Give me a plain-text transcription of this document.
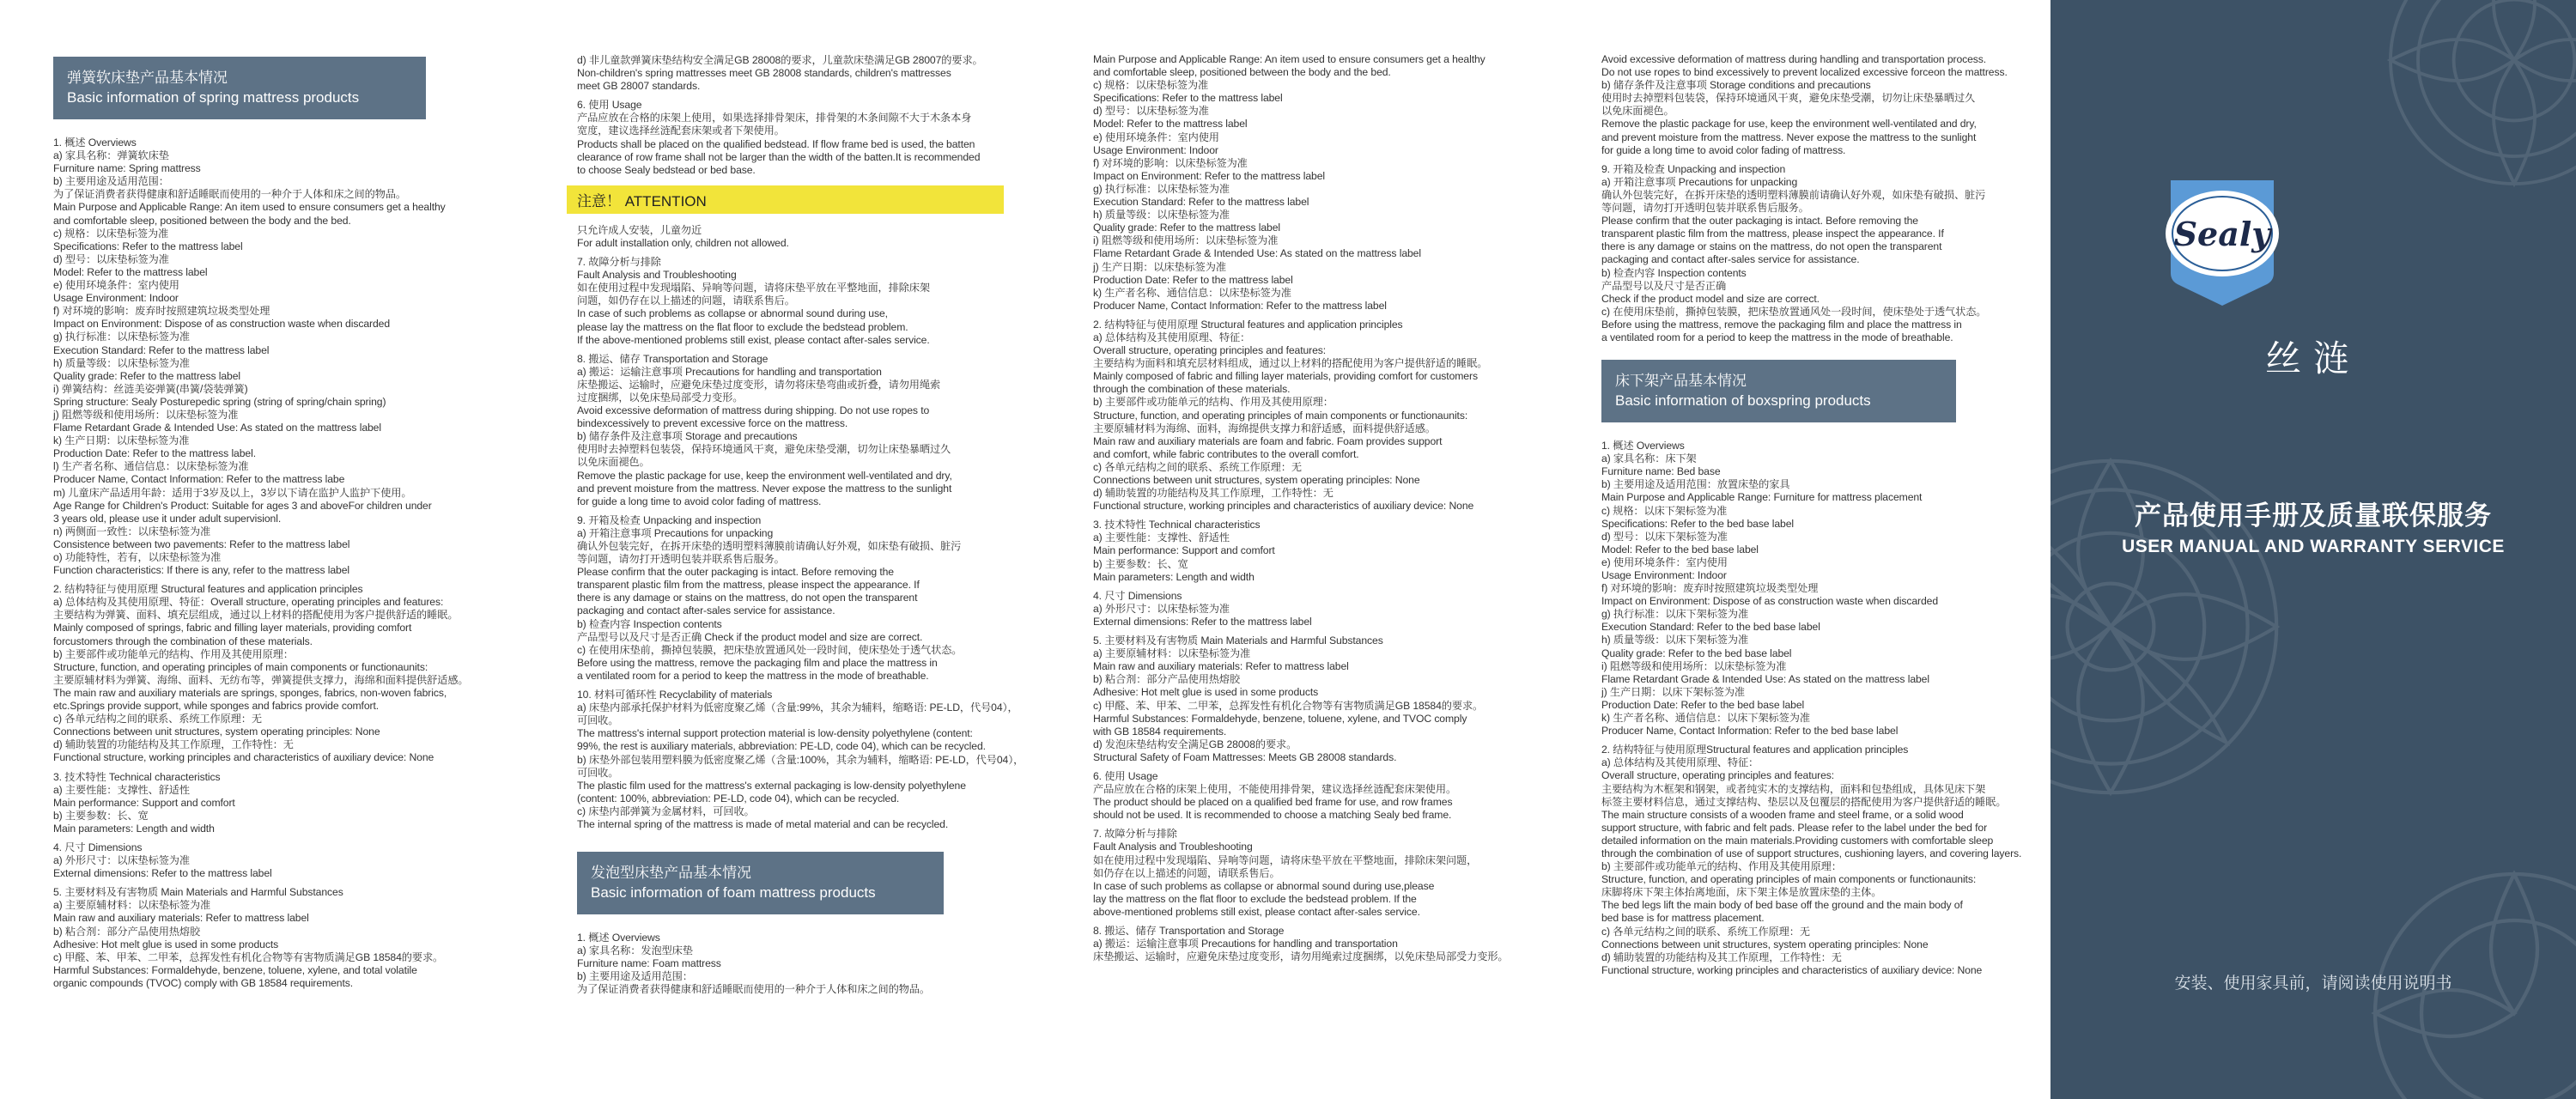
弹簧软床垫产品基本情况
Basic information of spring mattress products
1. 概述 Overviews
a) 家具名称：弹簧软床垫
Furniture name: Spring mattress
b) 主要用途及适用范围：
为了保证消费者获得健康和舒适睡眠而使用的一种介于人体和床之间的物品。
Main Purpose and Applicable Range: An item used to ensure consumers get a healthy
and comfortable sleep, positioned between the body and the bed.
c) 规格：以床垫标签为准
Specifications: Refer to the mattress label
d) 型号：以床垫标签为准
Model: Refer to the mattress label
e) 使用环境条件：室内使用
Usage Environment: Indoor
f) 对环境的影响：废弃时按照建筑垃圾类型处理
Impact on Environment: Dispose of as construction waste when discarded
g) 执行标准：以床垫标签为准
Execution Standard: Refer to the mattress label
h) 质量等级：以床垫标签为准
Quality grade: Refer to the mattress label
i) 弹簧结构：丝涟美姿弹簧(串簧/袋装弹簧)
Spring structure: Sealy Posturepedic spring (string of spring/chain spring)
j) 阻燃等级和使用场所：以床垫标签为准
Flame Retardant Grade & Intended Use: As stated on the mattress label
k) 生产日期：以床垫标签为准
Production Date: Refer to the mattress label.
l) 生产者名称、通信信息：以床垫标签为准
Producer Name, Contact Information: Refer to the mattress labe
m) 儿童床产品适用年龄：适用于3岁及以上，3岁以下请在监护人监护下使用。
Age Range for Children's Product: Suitable for ages 3 and aboveFor children under
3 years old, please use it under adult supervisionl.
n) 两侧面一致性：以床垫标签为准
Consistence between two pavements: Refer to the mattress label
o) 功能特性，若有，以床垫标签为准
Function characteristics: If there is any, refer to the mattress label
2. 结构特征与使用原理 Structural features and application principles
a) 总体结构及其使用原理、特征：Overall structure, operating principles and features:
主要结构为弹簧、面料、填充层组成，通过以上材料的搭配使用为客户提供舒适的睡眠。
Mainly composed of springs, fabric and filling layer materials, providing comfort
forcustomers through the combination of these materials.
b) 主要部件或功能单元的结构、作用及其使用原理：
Structure, function, and operating principles of main components or functionaunits:
主要原辅材料为弹簧、海绵、面料、无纺布等，弹簧提供支撑力，海绵和面料提供舒适感。
The main raw and auxiliary materials are springs, sponges, fabrics, non-woven fabrics,
etc.Springs provide support, while sponges and fabrics provide comfort.
c) 各单元结构之间的联系、系统工作原理：无
Connections between unit structures, system operating principles: None
d) 辅助装置的功能结构及其工作原理，工作特性：无
Functional structure, working principles and characteristics of auxiliary device: None
3. 技术特性 Technical characteristics
a) 主要性能：支撑性、舒适性
Main performance: Support and comfort
b) 主要参数：长、宽
Main parameters: Length and width
4. 尺寸 Dimensions
a) 外形尺寸：以床垫标签为准
External dimensions: Refer to the mattress label
5. 主要材料及有害物质 Main Materials and Harmful Substances
a) 主要原辅材料：以床垫标签为准
Main raw and auxiliary materials: Refer to mattress label
b) 粘合剂：部分产品使用热熔胶
Adhesive: Hot melt glue is used in some products
c) 甲醛、苯、甲苯、二甲苯，总挥发性有机化合物等有害物质满足GB 18584的要求。
Harmful Substances: Formaldehyde, benzene, toluene, xylene, and total volatile
organic compounds (TVOC) comply with GB 18584 requirements.
d) 非儿童款弹簧床垫结构安全满足GB 28008的要求，儿童款床垫满足GB 28007的要求。
Non-children's spring mattresses meet GB 28008 standards, children's mattresses
meet GB 28007 standards.
6. 使用 Usage
产品应放在合格的床架上使用，如果选择排骨架床，排骨架的木条间隙不大于木条本身
宽度，建议选择丝涟配套床架或者下架使用。
Products shall be placed on the qualified bedstead. If flow frame bed is used, the batten
clearance of row frame shall not be larger than the width of the batten.It is recommended
to choose Sealy bedstead or bed base.
注意！ ATTENTION
只允许成人安装，儿童勿近
For adult installation only, children not allowed.
7. 故障分析与排除
Fault Analysis and Troubleshooting
如在使用过程中发现塌陷、异响等问题，请将床垫平放在平整地面，排除床架
问题，如仍存在以上描述的问题，请联系售后。
In case of such problems as collapse or abnormal sound during use,
please lay the mattress on the flat floor to exclude the bedstead problem.
If the above-mentioned problems still exist, please contact after-sales service.
8. 搬运、储存 Transportation and Storage
a) 搬运：运输注意事项 Precautions for handling and transportation
床垫搬运、运输时，应避免床垫过度变形，请勿将床垫弯曲或折叠，请勿用绳索
过度捆绑，以免床垫局部受力变形。
Avoid excessive deformation of mattress during shipping. Do not use ropes to
bindexcessively to prevent excessive force on the mattress.
b) 储存条件及注意事项 Storage and precautions
使用时去掉塑料包装袋，保持环境通风干爽，避免床垫受潮，切勿让床垫暴晒过久
以免床面褪色。
Remove the plastic package for use, keep the environment well-ventilated and dry,
and prevent moisture from the mattress. Never expose the mattress to the sunlight
for guide a long time to avoid color fading of mattress.
9. 开箱及检查 Unpacking and inspection
a) 开箱注意事项 Precautions for unpacking
确认外包装完好，在拆开床垫的透明塑料薄膜前请确认好外观，如床垫有破损、脏污
等问题，请勿打开透明包装并联系售后服务。
Please confirm that the outer packaging is intact. Before removing the
transparent plastic film from the mattress, please inspect the appearance. If
there is any damage or stains on the mattress, do not open the transparent
packaging and contact after-sales service for assistance.
b) 检查内容 Inspection contents
产品型号以及尺寸是否正确 Check if the product model and size are correct.
c) 在使用床垫前，撕掉包装膜，把床垫放置通风处一段时间，使床垫处于透气状态。
Before using the mattress, remove the packaging film and place the mattress in
a ventilated room for a period to keep the mattress in the mode of breathable.
10. 材料可循环性 Recyclability of materials
a) 床垫内部承托保护材料为低密度聚乙烯（含量:99%，其余为辅料，缩略语: PE-LD，代号04），
可回收。
The mattress's internal support protection material is low-density polyethylene (content:
99%, the rest is auxiliary materials, abbreviation: PE-LD, code 04), which can be recycled.
b) 床垫外部包装用塑料膜为低密度聚乙烯（含量:100%，其余为辅料，缩略语: PE-LD，代号04），
可回收。
The plastic film used for the mattress's external packaging is low-density polyethylene
(content: 100%, abbreviation: PE-LD, code 04), which can be recycled.
c) 床垫内部弹簧为金属材料，可回收。
The internal spring of the mattress is made of metal material and can be recycled.
发泡型床垫产品基本情况
Basic information of foam mattress products
1. 概述 Overviews
a) 家具名称：发泡型床垫
Furniture name: Foam mattress
b) 主要用途及适用范围：
为了保证消费者获得健康和舒适睡眠而使用的一种介于人体和床之间的物品。
Main Purpose and Applicable Range: An item used to ensure consumers get a healthy
and comfortable sleep, positioned between the body and the bed.
c) 规格：以床垫标签为准
Specifications: Refer to the mattress label
d) 型号：以床垫标签为准
Model: Refer to the mattress label
e) 使用环境条件：室内使用
Usage Environment: Indoor
f) 对环境的影响：以床垫标签为准
Impact on Environment: Refer to the mattress label
g) 执行标准：以床垫标签为准
Execution Standard: Refer to the mattress label
h) 质量等级：以床垫标签为准
Quality grade: Refer to the mattress label
i) 阻燃等级和使用场所：以床垫标签为准
Flame Retardant Grade & Intended Use: As stated on the mattress label
j) 生产日期：以床垫标签为准
Production Date: Refer to the mattress label
k) 生产者名称、通信信息：以床垫标签为准
Producer Name, Contact Information: Refer to the mattress label
2. 结构特征与使用原理 Structural features and application principles
a) 总体结构及其使用原理、特征：
Overall structure, operating principles and features:
主要结构为面料和填充层材料组成，通过以上材料的搭配使用为客户提供舒适的睡眠。
Mainly composed of fabric and filling layer materials, providing comfort for customers
through the combination of these materials.
b) 主要部件或功能单元的结构、作用及其使用原理：
Structure, function, and operating principles of main components or functionaunits:
主要原辅材料为海绵、面料，海绵提供支撑力和舒适感，面料提供舒适感。
Main raw and auxiliary materials are foam and fabric. Foam provides support
and comfort, while fabric contributes to the overall comfort.
c) 各单元结构之间的联系、系统工作原理：无
Connections between unit structures, system operating principles: None
d) 辅助装置的功能结构及其工作原理，工作特性：无
Functional structure, working principles and characteristics of auxiliary device: None
3. 技术特性 Technical characteristics
a) 主要性能：支撑性、舒适性
Main performance: Support and comfort
b) 主要参数：长、宽
Main parameters: Length and width
4. 尺寸 Dimensions
a) 外形尺寸：以床垫标签为准
External dimensions: Refer to the mattress label
5. 主要材料及有害物质 Main Materials and Harmful Substances
a) 主要原辅材料：以床垫标签为准
Main raw and auxiliary materials: Refer to mattress label
b) 粘合剂：部分产品使用热熔胶
Adhesive: Hot melt glue is used in some products
c) 甲醛、苯、甲苯、二甲苯，总挥发性有机化合物等有害物质满足GB 18584的要求。
Harmful Substances: Formaldehyde, benzene, toluene, xylene, and TVOC comply
with GB 18584 requirements.
d) 发泡床垫结构安全满足GB 28008的要求。
Structural Safety of Foam Mattresses: Meets GB 28008 standards.
6. 使用 Usage
产品应放在合格的床架上使用，不能使用排骨架，建议选择丝涟配套床架使用。
The product should be placed on a qualified bed frame for use, and row frames
should not be used. It is recommended to choose a matching Sealy bed frame.
7. 故障分析与排除
Fault Analysis and Troubleshooting
如在使用过程中发现塌陷、异响等问题，请将床垫平放在平整地面，排除床架问题，
如仍存在以上描述的问题，请联系售后。
In case of such problems as collapse or abnormal sound during use,please
lay the mattress on the flat floor to exclude the bedstead problem. If the
above-mentioned problems still exist, please contact after-sales service.
8. 搬运、储存 Transportation and Storage
a) 搬运：运输注意事项 Precautions for handling and transportation
床垫搬运、运输时，应避免床垫过度变形，请勿用绳索过度捆绑，以免床垫局部受力变形。
Avoid excessive deformation of mattress during handling and transportation process.
Do not use ropes to bind excessively to prevent localized excessive forceon the mattress.
b) 储存条件及注意事项 Storage conditions and precautions
使用时去掉塑料包装袋，保持环境通风干爽，避免床垫受潮，切勿让床垫暴晒过久
以免床面褪色。
Remove the plastic package for use, keep the environment well-ventilated and dry,
and prevent moisture from the mattress. Never expose the mattress to the sunlight
for guide a long time to avoid color fading of mattress.
9. 开箱及检查 Unpacking and inspection
a) 开箱注意事项 Precautions for unpacking
确认外包装完好，在拆开床垫的透明塑料薄膜前请确认好外观，如床垫有破损、脏污
等问题，请勿打开透明包装并联系售后服务。
Please confirm that the outer packaging is intact. Before removing the
transparent plastic film from the mattress, please inspect the appearance. If
there is any damage or stains on the mattress, do not open the transparent
packaging and contact after-sales service for assistance.
b) 检查内容 Inspection contents
产品型号以及尺寸是否正确
Check if the product model and size are correct.
c) 在使用床垫前，撕掉包装膜，把床垫放置通风处一段时间，使床垫处于透气状态。
Before using the mattress, remove the packaging film and place the mattress in
a ventilated room for a period to keep the mattress in the mode of breathable.
床下架产品基本情况
Basic information of boxspring products
1. 概述 Overviews
a) 家具名称：床下架
Furniture name: Bed base
b) 主要用途及适用范围：放置床垫的家具
Main Purpose and Applicable Range: Furniture for mattress placement
c) 规格：以床下架标签为准
Specifications: Refer to the bed base label
d) 型号：以床下架标签为准
Model: Refer to the bed base label
e) 使用环境条件：室内使用
Usage Environment: Indoor
f) 对环境的影响：废弃时按照建筑垃圾类型处理
Impact on Environment: Dispose of as construction waste when discarded
g) 执行标准：以床下架标签为准
Execution Standard: Refer to the bed base label
h) 质量等级：以床下架标签为准
Quality grade: Refer to the bed base label
i) 阻燃等级和使用场所：以床垫标签为准
Flame Retardant Grade & Intended Use: As stated on the mattress label
j) 生产日期：以床下架标签为准
Production Date: Refer to the bed base label
k) 生产者名称、通信信息：以床下架标签为准
Producer Name, Contact Information: Refer to the bed base label
2. 结构特征与使用原理Structural features and application principles
a) 总体结构及其使用原理、特征：
Overall structure, operating principles and features:
主要结构为木框架和钢架，或者纯实木的支撑结构，面料和包垫组成，具体见床下架
标签主要材料信息，通过支撑结构、垫层以及包覆层的搭配使用为客户提供舒适的睡眠。
The main structure consists of a wooden frame and steel frame, or a solid wood
support structure, with fabric and felt pads. Please refer to the label under the bed for
detailed information on the main materials.Providing customers with comfortable sleep
through the combination of use of support structures, cushioning layers, and covering layers.
b) 主要部件或功能单元的结构、作用及其使用原理：
Structure, function, and operating principles of main components or functionaunits:
床脚将床下架主体抬离地面，床下架主体是放置床垫的主体。
The bed legs lift the main body of bed base off the ground and the main body of
bed base is for mattress placement.
c) 各单元结构之间的联系、系统工作原理：无
Connections between unit structures, system operating principles: None
d) 辅助装置的功能结构及其工作原理，工作特性：无
Functional structure, working principles and characteristics of auxiliary device: None
Sealy
丝涟
产品使用手册及质量联保服务
USER MANUAL AND WARRANTY SERVICE
安装、使用家具前，请阅读使用说明书
